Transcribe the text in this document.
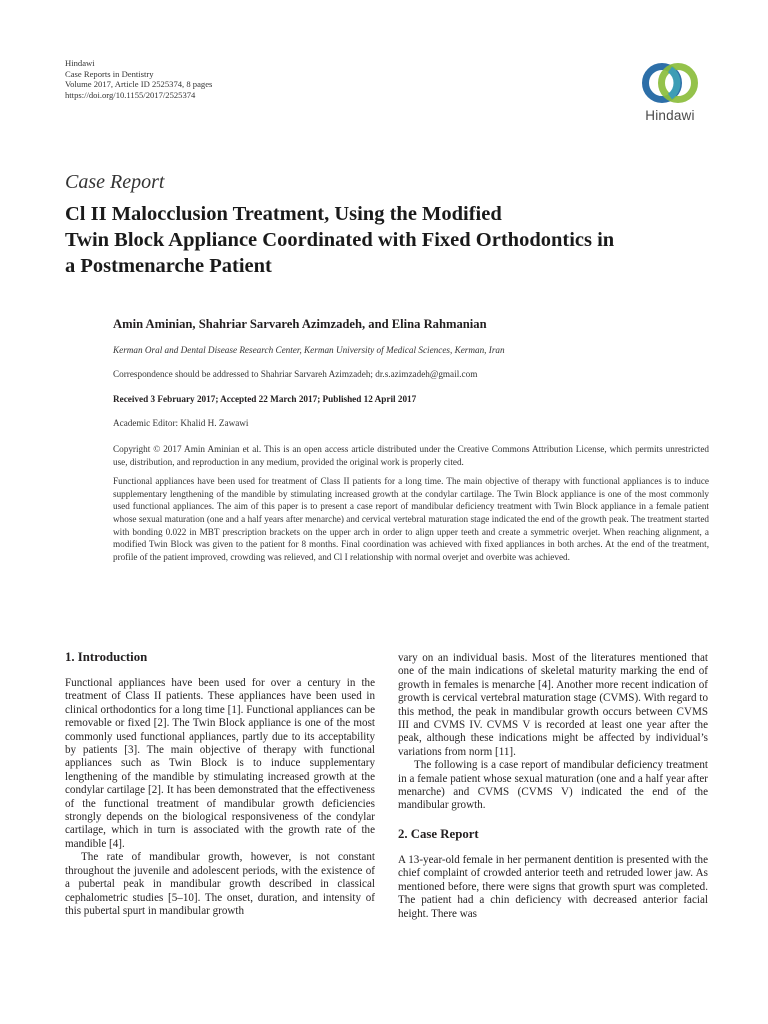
Hindawi
Case Reports in Dentistry
Volume 2017, Article ID 2525374, 8 pages
https://doi.org/10.1155/2017/2525374
Hindawi
Case Report
Cl II Malocclusion Treatment, Using the Modified
Twin Block Appliance Coordinated with Fixed Orthodontics in
a Postmenarche Patient
Amin Aminian, Shahriar Sarvareh Azimzadeh, and Elina Rahmanian
Kerman Oral and Dental Disease Research Center, Kerman University of Medical Sciences, Kerman, Iran
Correspondence should be addressed to Shahriar Sarvareh Azimzadeh; dr.s.azimzadeh@gmail.com
Received 3 February 2017; Accepted 22 March 2017; Published 12 April 2017
Academic Editor: Khalid H. Zawawi
Copyright © 2017 Amin Aminian et al. This is an open access article distributed under the Creative Commons Attribution License, which permits unrestricted use, distribution, and reproduction in any medium, provided the original work is properly cited.
Functional appliances have been used for treatment of Class II patients for a long time. The main objective of therapy with functional appliances is to induce supplementary lengthening of the mandible by stimulating increased growth at the condylar cartilage. The Twin Block appliance is one of the most commonly used functional appliances. The aim of this paper is to present a case report of mandibular deficiency treatment with Twin Block appliance in a female patient whose sexual maturation (one and a half years after menarche) and cervical vertebral maturation stage indicated the end of the growth peak. The treatment started with bonding 0.022 in MBT prescription brackets on the upper arch in order to align upper teeth and create a symmetric overjet. When reaching alignment, a modified Twin Block was given to the patient for 8 months. Final coordination was achieved with fixed appliances in both arches. At the end of the treatment, profile of the patient improved, crowding was relieved, and Cl I relationship with normal overjet and overbite was achieved.
1. Introduction

Functional appliances have been used for over a century in the treatment of Class II patients. These appliances have been used in clinical orthodontics for a long time [1]. Functional appliances can be removable or fixed [2]. The Twin Block appliance is one of the most commonly used functional appliances, partly due to its acceptability by patients [3]. The main objective of therapy with functional appliances such as Twin Block is to induce supplementary lengthening of the mandible by stimulating increased growth at the condylar cartilage [2]. It has been demonstrated that the effectiveness of the functional treatment of mandibular growth deficiencies strongly depends on the biological responsiveness of the condylar cartilage, which in turn is associated with the growth rate of the mandible [4].

The rate of mandibular growth, however, is not constant throughout the juvenile and adolescent periods, with the existence of a pubertal peak in mandibular growth described in classical cephalometric studies [5–10]. The onset, duration, and intensity of this pubertal spurt in mandibular growth

vary on an individual basis. Most of the literatures mentioned that one of the main indications of skeletal maturity marking the end of growth in females is menarche [4]. Another more recent indication of growth is cervical vertebral maturation stage (CVMS). With regard to this method, the peak in mandibular growth occurs between CVMS III and CVMS IV. CVMS V is recorded at least one year after the peak, although these indications might be affected by individual’s variations from norm [11].

The following is a case report of mandibular deficiency treatment in a female patient whose sexual maturation (one and a half year after menarche) and CVMS (CVMS V) indicated the end of the mandibular growth.

2. Case Report

A 13-year-old female in her permanent dentition is presented with the chief complaint of crowded anterior teeth and retruded lower jaw. As mentioned before, there were signs that growth spurt was completed. The patient had a chin deficiency with decreased anterior facial height. There was
